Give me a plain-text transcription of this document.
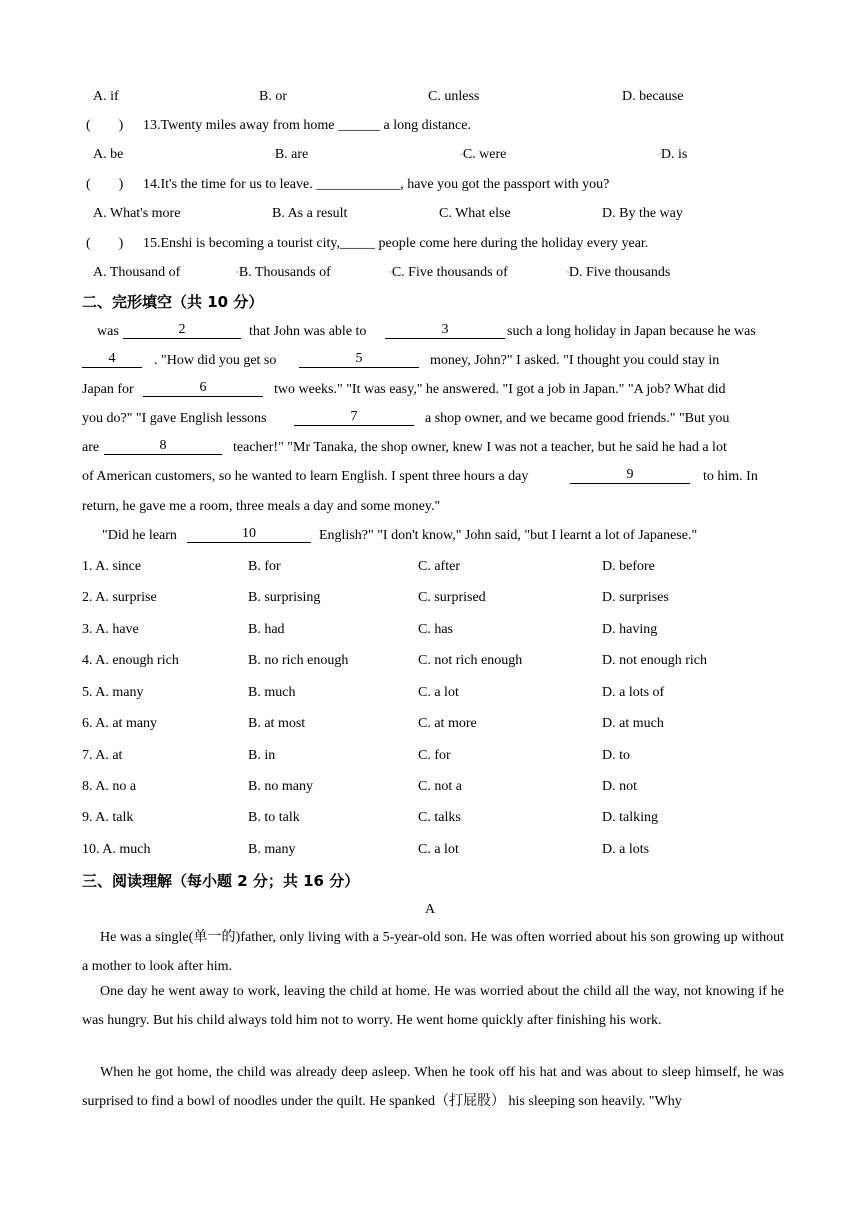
A. if	B. or	C. unless	D. because
(　　) 13.Twenty miles away from home ______ a long distance.
A. be	▫B. are	▫C. were	▫D. is
(　　) 14.It's the time for us to leave. ____________, have you got the passport with you?
A. What's more	B. As a result	C. What else	D. By the way
(　　) 15.Enshi is becoming a tourist city,_____ people come here during the holiday every year.
A. Thousand of	▫B. Thousands of	▫C. Five thousands of	▫D. Five thousands
二、完形填空（共 10 分）
was	2	that John was able to	3	such a long holiday in Japan because he was
4	. "How did you get so	5	money, John?" I asked. "I thought you could stay in
Japan for	6	two weeks." "It was easy," he answered. "I got a job in Japan." "A job? What did
you do?" "I gave English lessons	7	a shop owner, and we became good friends." "But you
are	8	teacher!" "Mr Tanaka, the shop owner, knew I was not a teacher, but he said he had a lot
of American customers, so he wanted to learn English. I spent three hours a day	9	to him. In
return, he gave me a room, three meals a day and some money."
"Did he learn	10	English?" "I don't know," John said, "but I learnt a lot of Japanese."
1. A. since	B. for	C. after	D. before
2. A. surprise	B. surprising	C. surprised	D. surprises
3. A. have	B. had	C. has	D. having
4. A. enough rich	B. no rich enough	C. not rich enough	D. not enough rich
5. A. many	B. much	C. a lot	D. a lots of
6. A. at many	B. at most	C. at more	D. at much
7. A. at	B. in	C. for	D. to
8. A. no a	B. no many	C. not a	D. not
9. A. talk	B. to talk	C. talks	D. talking
10. A. much	B. many	C. a lot	D. a lots
三、阅读理解（每小题 2 分；共 16 分）
A
He was a single(单一的)father, only living with a 5-year-old son. He was often worried about his son growing up without a mother to look after him.
One day he went away to work, leaving the child at home. He was worried about the child all the way, not knowing if he was hungry. But his child always told him not to worry. He went home quickly after finishing his work.
When he got home, the child was already deep asleep. When he took off his hat and was about to sleep himself, he was surprised to find a bowl of noodles under the quilt. He spanked（打屁股） his sleeping son heavily. "Why
